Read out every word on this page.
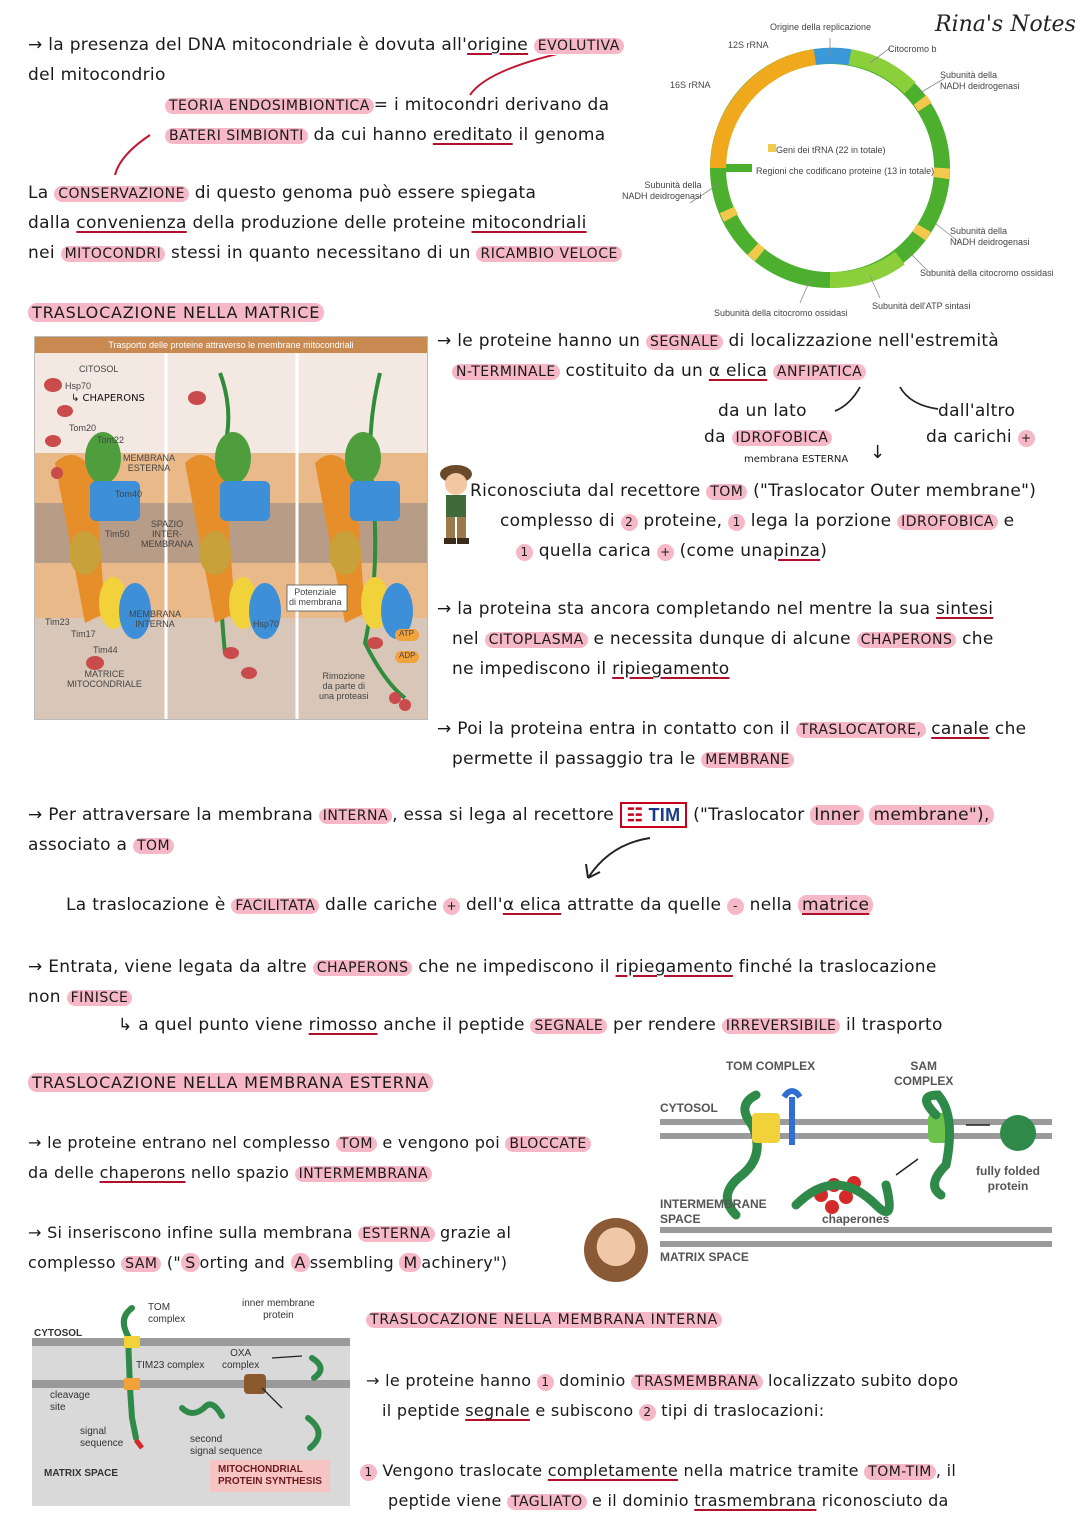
Rina's Notes
→ la presenza del DNA mitocondriale è dovuta all'origine EVOLUTIVA
del mitocondrio
TEORIA ENDOSIMBIONTICA = i mitocondri derivano da
BATERI SIMBIONTI da cui hanno ereditato il genoma
La CONSERVAZIONE di questo genoma può essere spiegata
dalla convenienza della produzione delle proteine mitocondriali
nei MITOCONDRI stessi in quanto necessitano di un RICAMBIO VELOCE
Origine della replicazione
12S rRNA
16S rRNA
Citocromo b
Subunità della
NADH deidrogenasi
Geni dei tRNA (22 in totale)
Regioni che codificano proteine (13 in totale)
Subunità della
NADH deidrogenasi
Subunità della
NADH deidrogenasi
Subunità della citocromo ossidasi
Subunità dell'ATP sintasi
Subunità della citocromo ossidasi
TRASLOCAZIONE NELLA MATRICE
Trasporto delle proteine attraverso le membrane mitocondriali
CITOSOL
Hsp70
↳ CHAPERONS
Tom20
Tom22
MEMBRANA
ESTERNA
Tom40
Tim50
SPAZIO
INTER-
MEMBRANA
Tim23
Tim17
Tim44
MEMBRANA
INTERNA	Hsp70
MATRICE
MITOCONDRIALE
Potenziale
di membrana
ATP
ADP
Rimozione
da parte di
una proteasi
→ le proteine hanno un SEGNALE di localizzazione nell'estremità
N-TERMINALE costituito da un α elica ANFIPATICA
da un lato
da IDROFOBICA
dall'altro
da carichi +
↓
membrana ESTERNA
Riconosciuta dal recettore TOM ("Traslocator Outer membrane")
complesso di 2 proteine, 1 lega la porzione IDROFOBICA e
1 quella carica + (come unapinza)
→ la proteina sta ancora completando nel mentre la sua sintesi
nel CITOPLASMA e necessita dunque di alcune CHAPERONS che
ne impediscono il ripiegamento
→ Poi la proteina entra in contatto con il TRASLOCATORE, canale che
permette il passaggio tra le MEMBRANE
→ Per attraversare la membrana INTERNA , essa si lega al recettore ☷ TIM ("Traslocator Inner membrane"),
associato a TOM
La traslocazione è FACILITATA dalle cariche + dell'α elica attratte da quelle - nella matrice
→ Entrata, viene legata da altre CHAPERONS che ne impediscono il ripiegamento finché la traslocazione
non FINISCE
↳ a quel punto viene rimosso anche il peptide SEGNALE per rendere IRREVERSIBILE il trasporto
TRASLOCAZIONE NELLA MEMBRANA ESTERNA
→ le proteine entrano nel complesso TOM e vengono poi BLOCCATE
da delle chaperons nello spazio INTERMEMBRANA
→ Si inseriscono infine sulla membrana ESTERNA grazie al
complesso SAM (" S orting and A ssembling M achinery")
TOM COMPLEX	SAM
COMPLEX
CYTOSOL
fully folded
protein
INTERMEMBRANE
SPACE	chaperones
MATRIX SPACE
TOM
complex
inner membrane
protein
CYTOSOL
OXA
complex
TIM23 complex
cleavage
site
signal
sequence	second
signal sequence
MATRIX SPACE	MITOCHONDRIAL
PROTEIN SYNTHESIS
TRASLOCAZIONE NELLA MEMBRANA INTERNA
→ le proteine hanno 1 dominio TRASMEMBRANA localizzato subito dopo
il peptide segnale e subiscono 2 tipi di traslocazioni:
1 Vengono traslocate completamente nella matrice tramite TOM-TIM , il
peptide viene TAGLIATO e il dominio trasmembrana riconosciuto da
